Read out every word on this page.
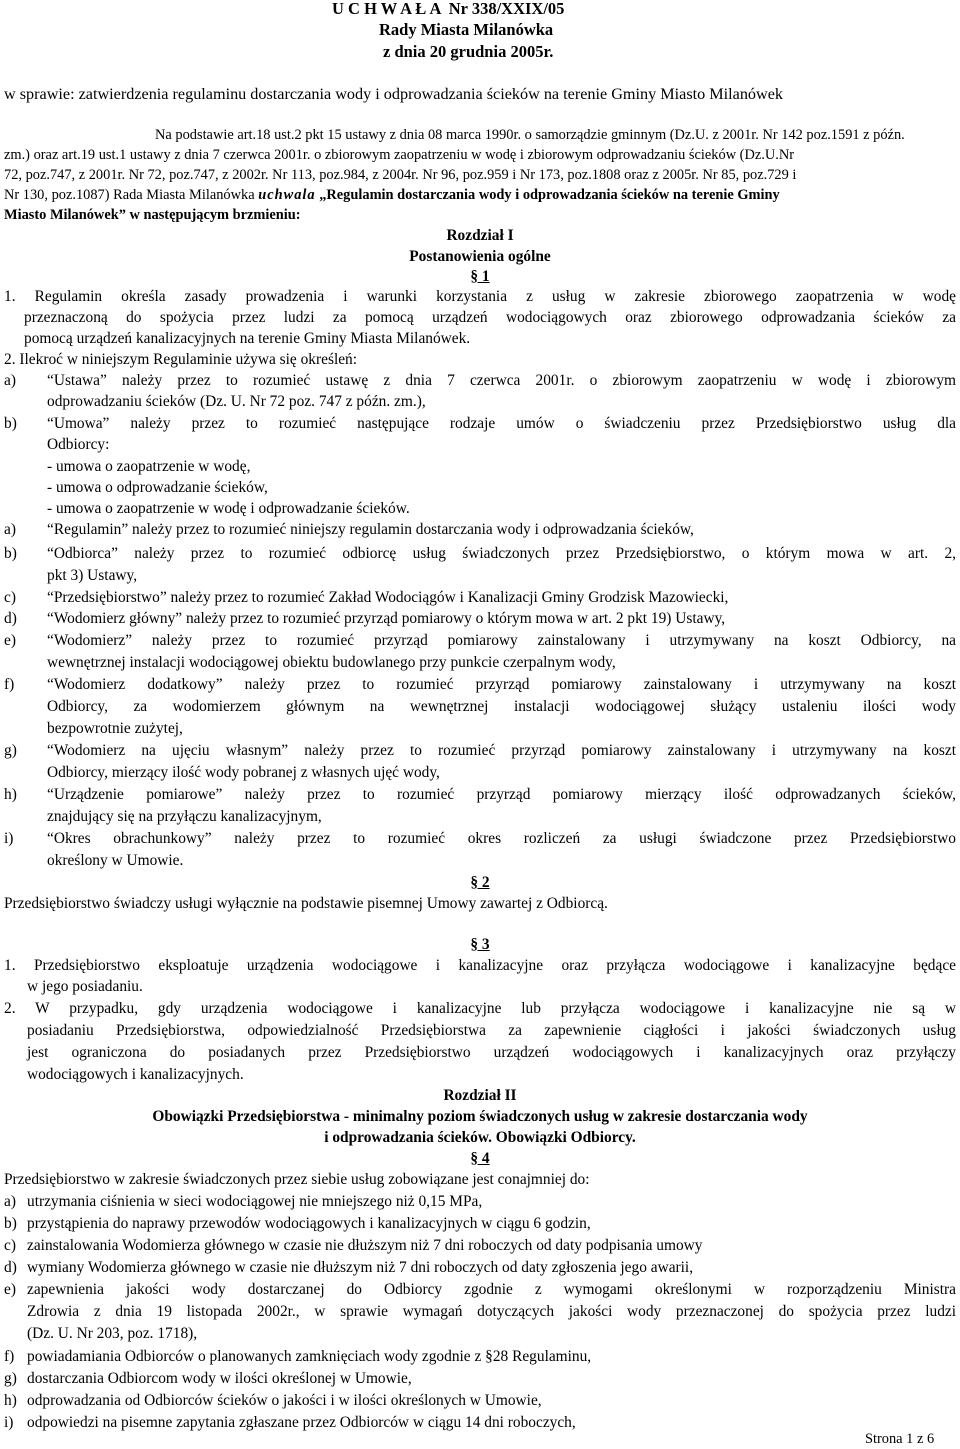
U C H W A Ł A  Nr 338/XXIX/05
Rady Miasta Milanówka
z dnia 20 grudnia 2005r.
w sprawie: zatwierdzenia regulaminu dostarczania wody i odprowadzania ścieków na terenie Gminy Miasto Milanówek
Na podstawie art.18 ust.2 pkt 15 ustawy z dnia 08 marca 1990r. o samorządzie gminnym (Dz.U. z 2001r. Nr 142 poz.1591 z późn.
zm.) oraz art.19 ust.1 ustawy z dnia 7 czerwca 2001r. o zbiorowym zaopatrzeniu w wodę i zbiorowym odprowadzaniu ścieków (Dz.U.Nr
72, poz.747, z 2001r. Nr 72, poz.747, z 2002r. Nr 113, poz.984, z 2004r. Nr 96, poz.959 i Nr 173, poz.1808 oraz z 2005r. Nr 85, poz.729 i
Nr 130, poz.1087) Rada Miasta Milanówka uchwala „Regulamin dostarczania wody i odprowadzania ścieków na terenie Gminy
Miasto Milanówek” w następującym brzmieniu:
Rozdział I
Postanowienia ogólne
§ 1
1. Regulamin określa zasady prowadzenia i warunki korzystania z usług w zakresie zbiorowego zaopatrzenia w wodę
przeznaczoną do spożycia przez ludzi za pomocą urządzeń wodociągowych oraz zbiorowego odprowadzania ścieków za
pomocą urządzeń kanalizacyjnych na terenie Gminy Miasta Milanówek.
2. Ilekroć w niniejszym Regulaminie używa się określeń:
a) “Ustawa” należy przez to rozumieć ustawę z dnia 7 czerwca 2001r. o zbiorowym zaopatrzeniu w wodę i zbiorowym
odprowadzaniu ścieków (Dz. U. Nr 72 poz. 747 z późn. zm.),
b) “Umowa” należy przez to rozumieć następujące rodzaje umów o świadczeniu przez Przedsiębiorstwo usług dla
Odbiorcy:
- umowa o zaopatrzenie w wodę,
- umowa o odprowadzanie ścieków,
- umowa o zaopatrzenie w wodę i odprowadzanie ścieków.
a) “Regulamin” należy przez to rozumieć niniejszy regulamin dostarczania wody i odprowadzania ścieków,
b) “Odbiorca” należy przez to rozumieć odbiorcę usług świadczonych przez Przedsiębiorstwo, o którym mowa w art. 2,
pkt 3) Ustawy,
c) “Przedsiębiorstwo” należy przez to rozumieć Zakład Wodociągów i Kanalizacji Gminy Grodzisk Mazowiecki,
d) “Wodomierz główny” należy przez to rozumieć przyrząd pomiarowy o którym mowa w art. 2 pkt 19) Ustawy,
e) “Wodomierz” należy przez to rozumieć przyrząd pomiarowy zainstalowany i utrzymywany na koszt Odbiorcy, na
wewnętrznej instalacji wodociągowej obiektu budowlanego przy punkcie czerpalnym wody,
f) “Wodomierz dodatkowy” należy przez to rozumieć przyrząd pomiarowy zainstalowany i utrzymywany na koszt
Odbiorcy, za wodomierzem głównym na wewnętrznej instalacji wodociągowej służący ustaleniu ilości wody
bezpowrotnie zużytej,
g) “Wodomierz na ujęciu własnym” należy przez to rozumieć przyrząd pomiarowy zainstalowany i utrzymywany na koszt
Odbiorcy, mierzący ilość wody pobranej z własnych ujęć wody,
h) “Urządzenie pomiarowe” należy przez to rozumieć przyrząd pomiarowy mierzący ilość odprowadzanych ścieków,
znajdujący się na przyłączu kanalizacyjnym,
i) “Okres obrachunkowy” należy przez to rozumieć okres rozliczeń za usługi świadczone przez Przedsiębiorstwo
określony w Umowie.
§ 2
Przedsiębiorstwo świadczy usługi wyłącznie na podstawie pisemnej Umowy zawartej z Odbiorcą.
§ 3
1. Przedsiębiorstwo eksploatuje urządzenia wodociągowe i kanalizacyjne oraz przyłącza wodociągowe i kanalizacyjne będące
w jego posiadaniu.
2. W przypadku, gdy urządzenia wodociągowe i kanalizacyjne lub przyłącza wodociągowe i kanalizacyjne nie są w
posiadaniu Przedsiębiorstwa, odpowiedzialność Przedsiębiorstwa za zapewnienie ciągłości i jakości świadczonych usług
jest ograniczona do posiadanych przez Przedsiębiorstwo urządzeń wodociągowych i kanalizacyjnych oraz przyłączy
wodociągowych i kanalizacyjnych.
Rozdział II
Obowiązki Przedsiębiorstwa - minimalny poziom świadczonych usług w zakresie dostarczania wody
i odprowadzania ścieków. Obowiązki Odbiorcy.
§ 4
Przedsiębiorstwo w zakresie świadczonych przez siebie usług zobowiązane jest conajmniej do:
a) utrzymania ciśnienia w sieci wodociągowej nie mniejszego niż 0,15 MPa,
b) przystąpienia do naprawy przewodów wodociągowych i kanalizacyjnych w ciągu 6 godzin,
c) zainstalowania Wodomierza głównego w czasie nie dłuższym niż 7 dni roboczych od daty podpisania umowy
d) wymiany Wodomierza głównego w czasie nie dłuższym niż 7 dni roboczych od daty zgłoszenia jego awarii,
e) zapewnienia jakości wody dostarczanej do Odbiorcy zgodnie z wymogami określonymi w rozporządzeniu Ministra
Zdrowia z dnia 19 listopada 2002r., w sprawie wymagań dotyczących jakości wody przeznaczonej do spożycia przez ludzi
(Dz. U. Nr 203, poz. 1718),
f) powiadamiania Odbiorców o planowanych zamknięciach wody zgodnie z §28 Regulaminu,
g) dostarczania Odbiorcom wody w ilości określonej w Umowie,
h) odprowadzania od Odbiorców ścieków o jakości i w ilości określonych w Umowie,
i) odpowiedzi na pisemne zapytania zgłaszane przez Odbiorców w ciągu 14 dni roboczych,
Strona 1 z 6
